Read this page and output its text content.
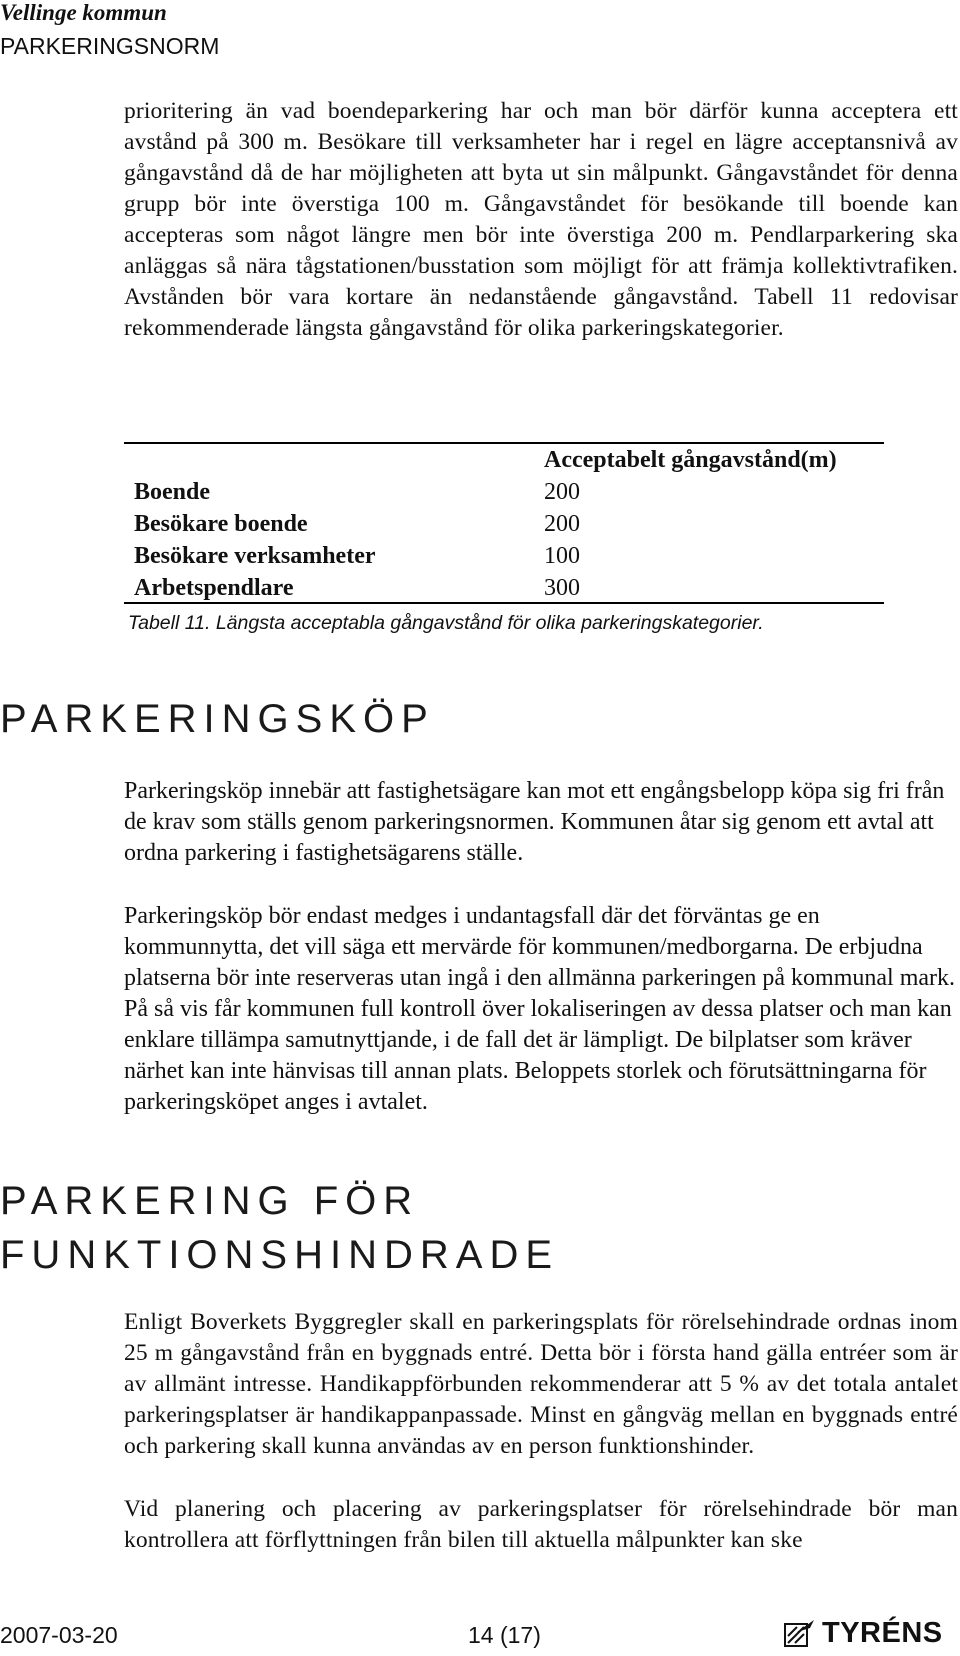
Vellinge kommun
PARKERINGSNORM

prioritering än vad boendeparkering har och man bör därför kunna acceptera ett avstånd på 300 m. Besökare till verksamheter har i regel en lägre acceptansnivå av gångavstånd då de har möjligheten att byta ut sin målpunkt. Gångavståndet för denna grupp bör inte överstiga 100 m. Gångavståndet för besökande till boende kan accepteras som något längre men bör inte överstiga 200 m. Pendlarparkering ska anläggas så nära tågstationen/busstation som möjligt för att främja kollektivtrafiken. Avstånden bör vara kortare än nedanstående gångavstånd. Tabell 11 redovisar rekommenderade längsta gångavstånd för olika parkeringskategorier.

Acceptabelt gångavstånd(m)
Boende	200
Besökare boende	200
Besökare verksamheter	100
Arbetspendlare	300
Tabell 11. Längsta acceptabla gångavstånd för olika parkeringskategorier.
PARKERINGSKÖP

Parkeringsköp innebär att fastighetsägare kan mot ett engångsbelopp köpa sig fri från de krav som ställs genom parkeringsnormen. Kommunen åtar sig genom ett avtal att ordna parkering i fastighetsägarens ställe.

Parkeringsköp bör endast medges i undantagsfall där det förväntas ge en kommunnytta, det vill säga ett mervärde för kommunen/medborgarna. De erbjudna platserna bör inte reserveras utan ingå i den allmänna parkeringen på kommunal mark. På så vis får kommunen full kontroll över lokaliseringen av dessa platser och man kan enklare tillämpa samutnyttjande, i de fall det är lämpligt. De bilplatser som kräver närhet kan inte hänvisas till annan plats. Beloppets storlek och förutsättningarna för parkeringsköpet anges i avtalet.

PARKERING FÖR
FUNKTIONSHINDRADE

Enligt Boverkets Byggregler skall en parkeringsplats för rörelsehindrade ordnas inom 25 m gångavstånd från en byggnads entré. Detta bör i första hand gälla entréer som är av allmänt intresse. Handikappförbunden rekommenderar att 5 % av det totala antalet parkeringsplatser är handikappanpassade. Minst en gångväg mellan en byggnads entré och parkering skall kunna användas av en person funktionshinder.

Vid planering och placering av parkeringsplatser för rörelsehindrade bör man kontrollera att förflyttningen från bilen till aktuella målpunkter kan ske

2007-03-20	14 (17)	TYRÉNS
